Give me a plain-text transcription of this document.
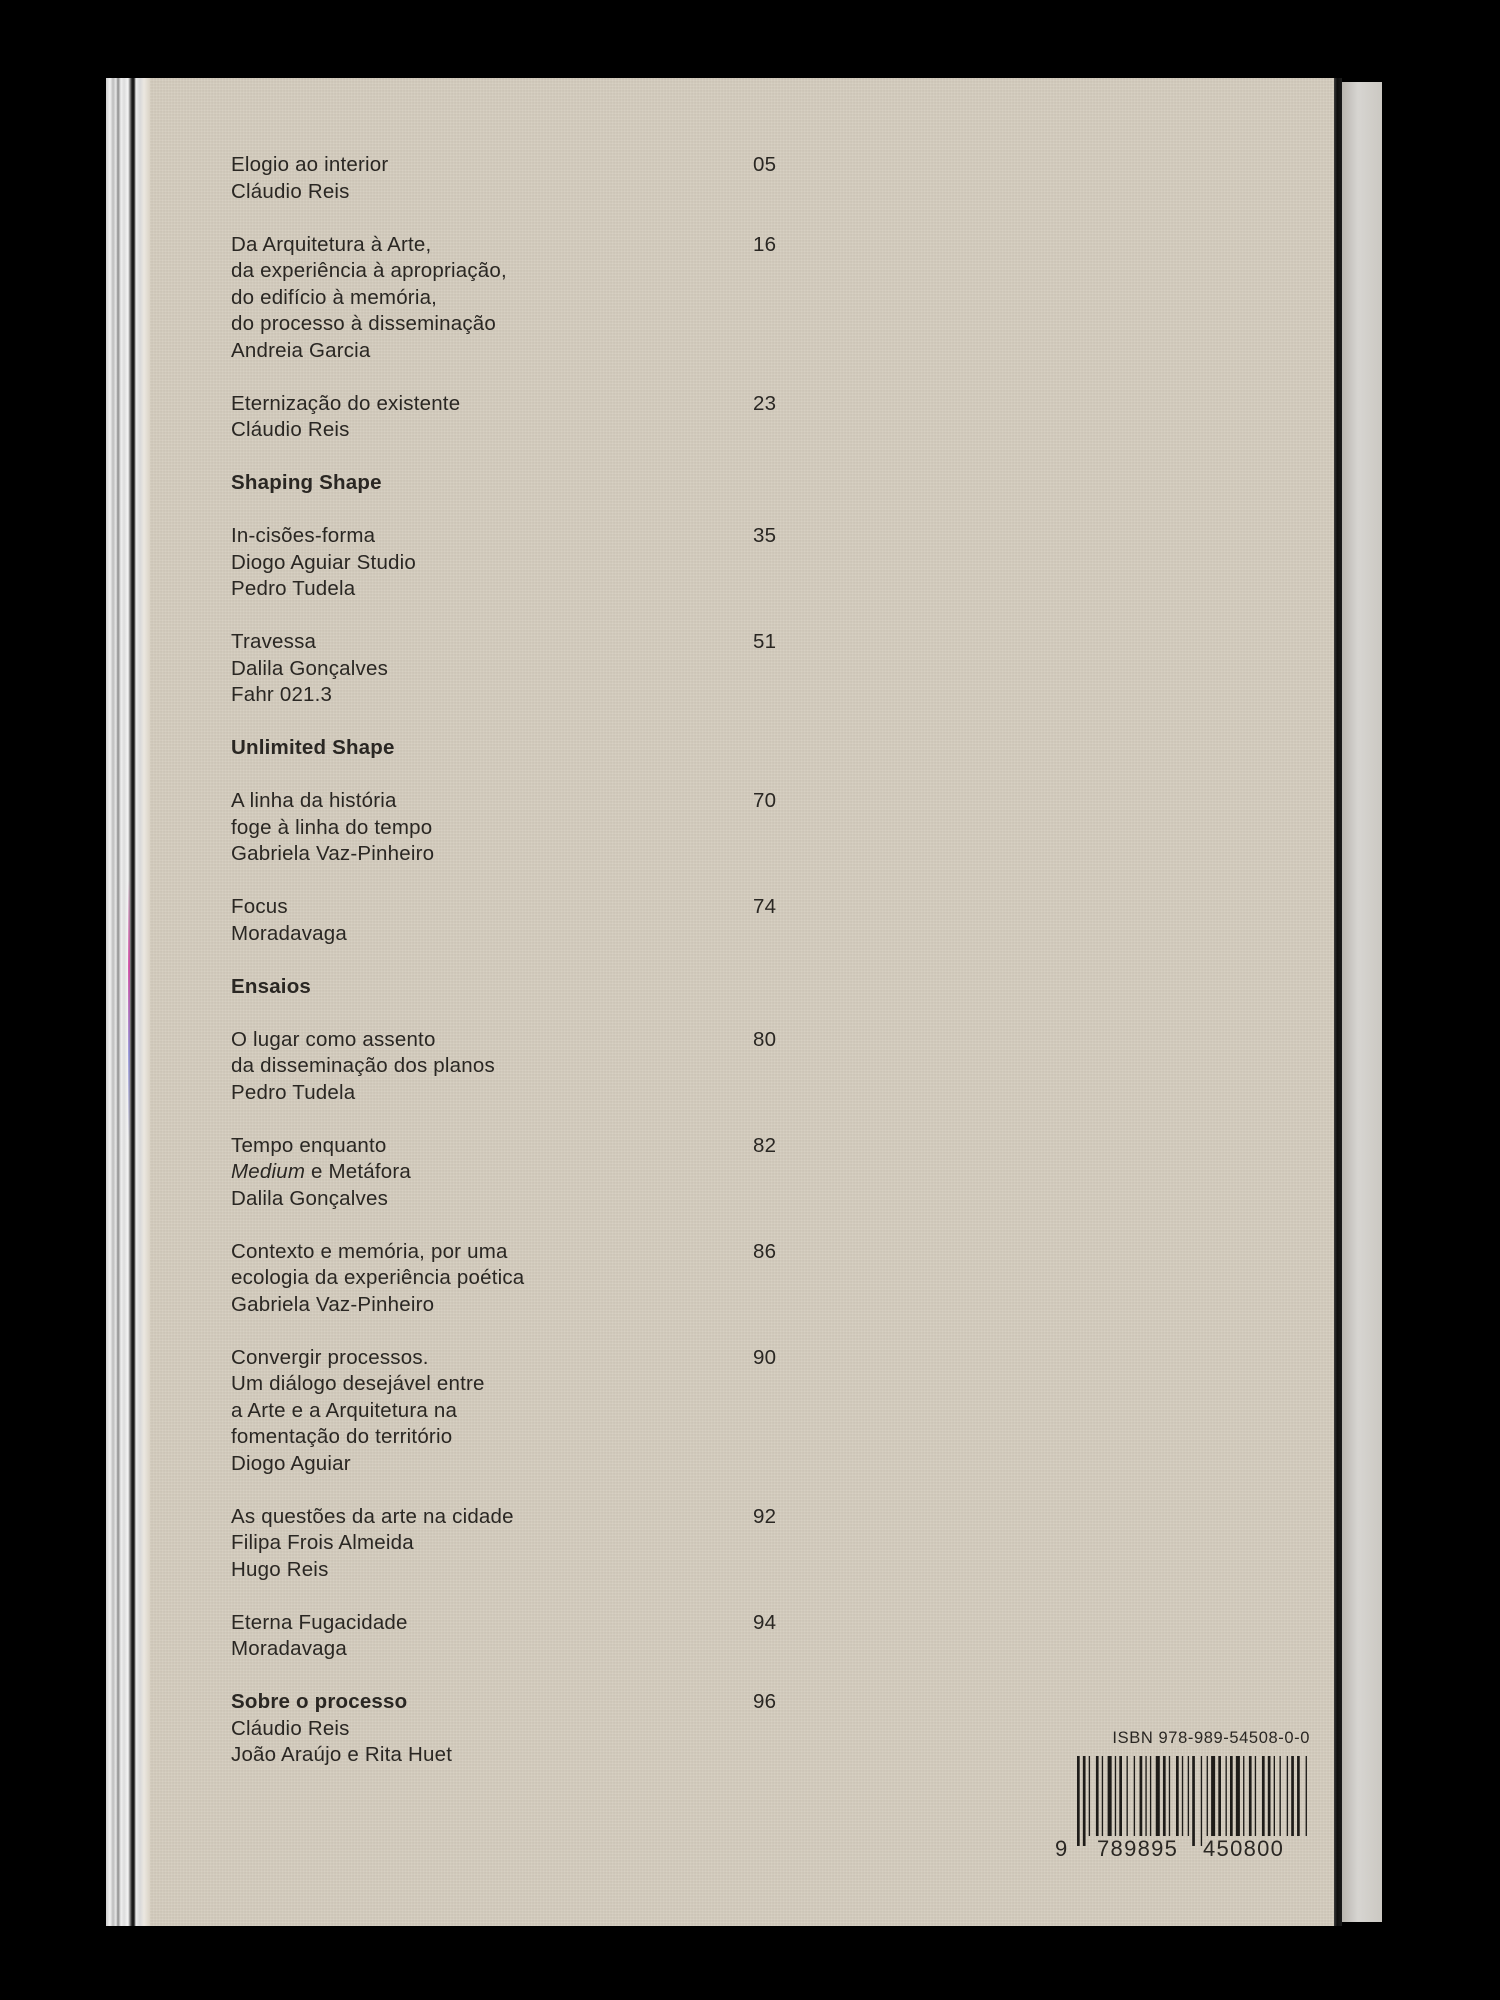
Elogio ao interior
Cláudio Reis
05
Da Arquitetura à Arte,
da experiência à apropriação,
do edifício à memória,
do processo à disseminação
Andreia Garcia
16
Eternização do existente
Cláudio Reis
23
Shaping Shape
In-cisões-forma
Diogo Aguiar Studio
Pedro Tudela
35
Travessa
Dalila Gonçalves
Fahr 021.3
51
Unlimited Shape
A linha da história
foge à linha do tempo
Gabriela Vaz-Pinheiro
70
Focus
Moradavaga
74
Ensaios
O lugar como assento
da disseminação dos planos
Pedro Tudela
80
Tempo enquanto
Medium e Metáfora
Dalila Gonçalves
82
Contexto e memória, por uma
ecologia da experiência poética
Gabriela Vaz-Pinheiro
86
Convergir processos.
Um diálogo desejável entre
a Arte e a Arquitetura na
fomentação do território
Diogo Aguiar
90
As questões da arte na cidade
Filipa Frois Almeida
Hugo Reis
92
Eterna Fugacidade
Moradavaga
94
Sobre o processo	96
Cláudio Reis
João Araújo e Rita Huet
ISBN 978-989-54508-0-0
9 789895 450800
